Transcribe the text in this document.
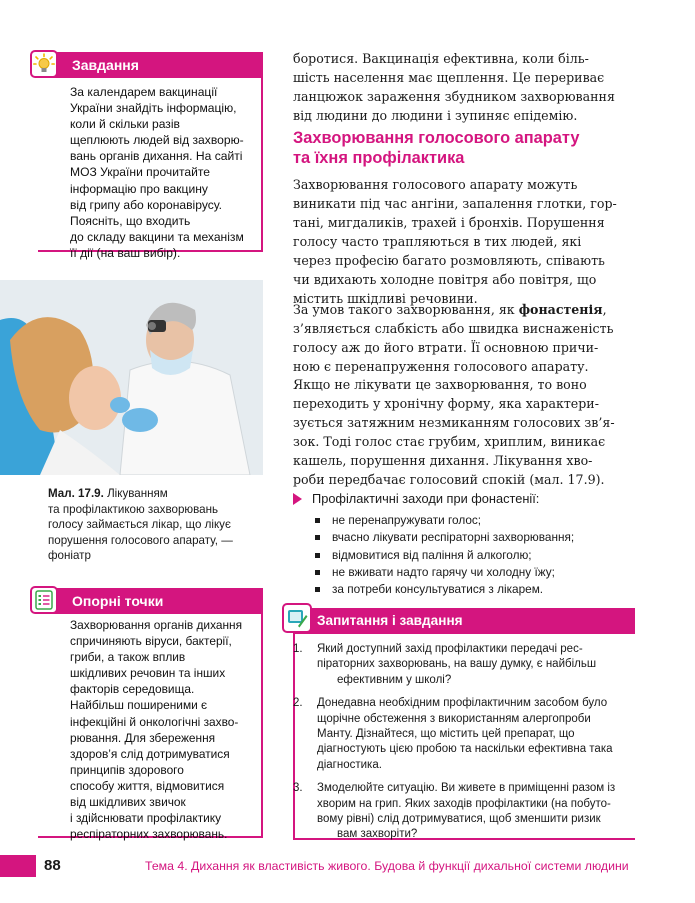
Завдання
За календарем вакцинації
України знайдіть інформацію,
коли й скільки разів
щеплюють людей від захворю-
вань органів дихання. На сайті
МОЗ України прочитайте
інформацію про вакцину
від грипу або коронавірусу.
Поясніть, що входить
до складу вакцини та механізм
її дії (на ваш вибір).
Мал. 17.9. Лікуванням
та профілактикою захворювань
голосу займається лікар, що лікує
порушення голосового апарату, —
фоніатр
Опорні точки
Захворювання органів дихання
спричиняють віруси, бактерії,
гриби, а також вплив
шкідливих речовин та інших
факторів середовища.
Найбільш поширеними є
інфекційні й онкологічні захво-
рювання. Для збереження
здоров’я слід дотримуватися
принципів здорового
способу життя, відмовитися
від шкідливих звичок
і здійснювати профілактику
респіраторних захворювань.
боротися. Вакцинація ефективна, коли біль-
шість населення має щеплення. Це перериває
ланцюжок зараження збудником захворювання
від людини до людини і зупиняє епідемію.
Захворювання голосового апарату
та їхня профілактика
Захворювання голосового апарату можуть
виникати під час ангіни, запалення глотки, гор-
тані, мигдаликів, трахей і бронхів. Порушення
голосу часто трапляються в тих людей, які
через професію багато розмовляють, співають
чи вдихають холодне повітря або повітря, що
містить шкідливі речовини.
За умов такого захворювання, як фонастенія,
з’являється слабкість або швидка виснаженість
голосу аж до його втрати. Її основною причи-
ною є перенапруження голосового апарату.
Якщо не лікувати це захворювання, то воно
переходить у хронічну форму, яка характери-
зується затяжним незмиканням голосових зв’я-
зок. Тоді голос стає грубим, хриплим, виникає
кашель, порушення дихання. Лікування хво-
роби передбачає голосовий спокій (мал. 17.9).
Профілактичні заходи при фонастенії:
не перенапружувати голос;
вчасно лікувати респіраторні захворювання;
відмовитися від паління й алкоголю;
не вживати надто гарячу чи холодну їжу;
за потреби консультуватися з лікарем.
Запитання і завдання
1. Який доступний захід профілактики передачі рес-
піраторних захворювань, на вашу думку, є найбільш
ефективним у школі?
2. Донедавна необхідним профілактичним засобом було
щорічне обстеження з використанням алергопроби
Манту. Дізнайтеся, що містить цей препарат, що
діагностують цією пробою та наскільки ефективна така
діагностика.
3. Змоделюйте ситуацію. Ви живете в приміщенні разом із
хворим на грип. Яких заходів профілактики (на побуто-
вому рівні) слід дотримуватися, щоб зменшити ризик
вам захворіти?
88	Тема 4. Дихання як властивість живого. Будова й функції дихальної системи людини
